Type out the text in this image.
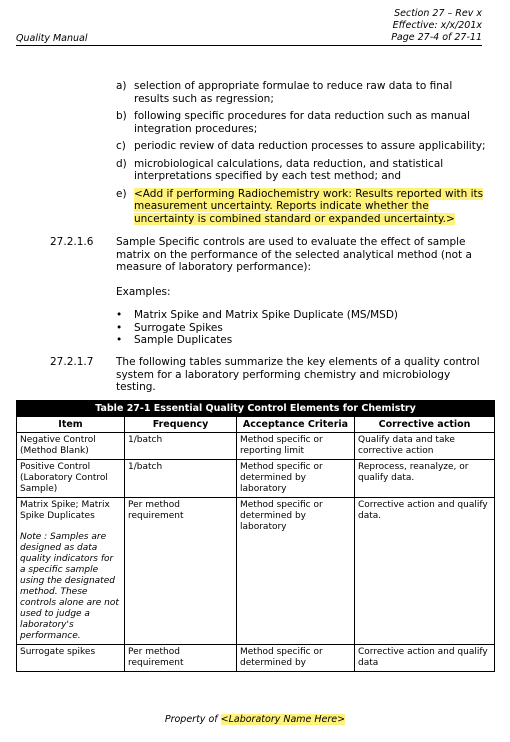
Section 27 – Rev x
Effective: x/x/201x
Page 27-4 of 27-11
Quality Manual
a) selection of appropriate formulae to reduce raw data to final results such as regression;
b) following specific procedures for data reduction such as manual integration procedures;
c) periodic review of data reduction processes to assure applicability;
d) microbiological calculations, data reduction, and statistical interpretations specified by each test method; and
e) <Add if performing Radiochemistry work: Results reported with its measurement uncertainty. Reports indicate whether the uncertainty is combined standard or expanded uncertainty.>
27.2.1.6	Sample Specific controls are used to evaluate the effect of sample matrix on the performance of the selected analytical method (not a measure of laboratory performance):
Examples:
•	Matrix Spike and Matrix Spike Duplicate (MS/MSD)
•	Surrogate Spikes
•	Sample Duplicates
27.2.1.7	The following tables summarize the key elements of a quality control system for a laboratory performing chemistry and microbiology testing.
Table 27-1 Essential Quality Control Elements for Chemistry			
Item	Frequency	Acceptance Criteria	Corrective action
Negative Control (Method Blank)	1/batch	Method specific or reporting limit	Qualify data and take corrective action
Positive Control (Laboratory Control Sample)	1/batch	Method specific or determined by laboratory	Reprocess, reanalyze, or qualify data.

Matrix Spike; Matrix Spike Duplicates
Note : Samples are designed as data quality indicators for a specific sample using the designated method. These controls alone are not used to judge a laboratory's performance.	Per method requirement	Method specific or determined by laboratory	Corrective action and qualify data.
Surrogate spikes	Per method requirement	Method specific or determined by	Corrective action and qualify data
Property of <Laboratory Name Here>
